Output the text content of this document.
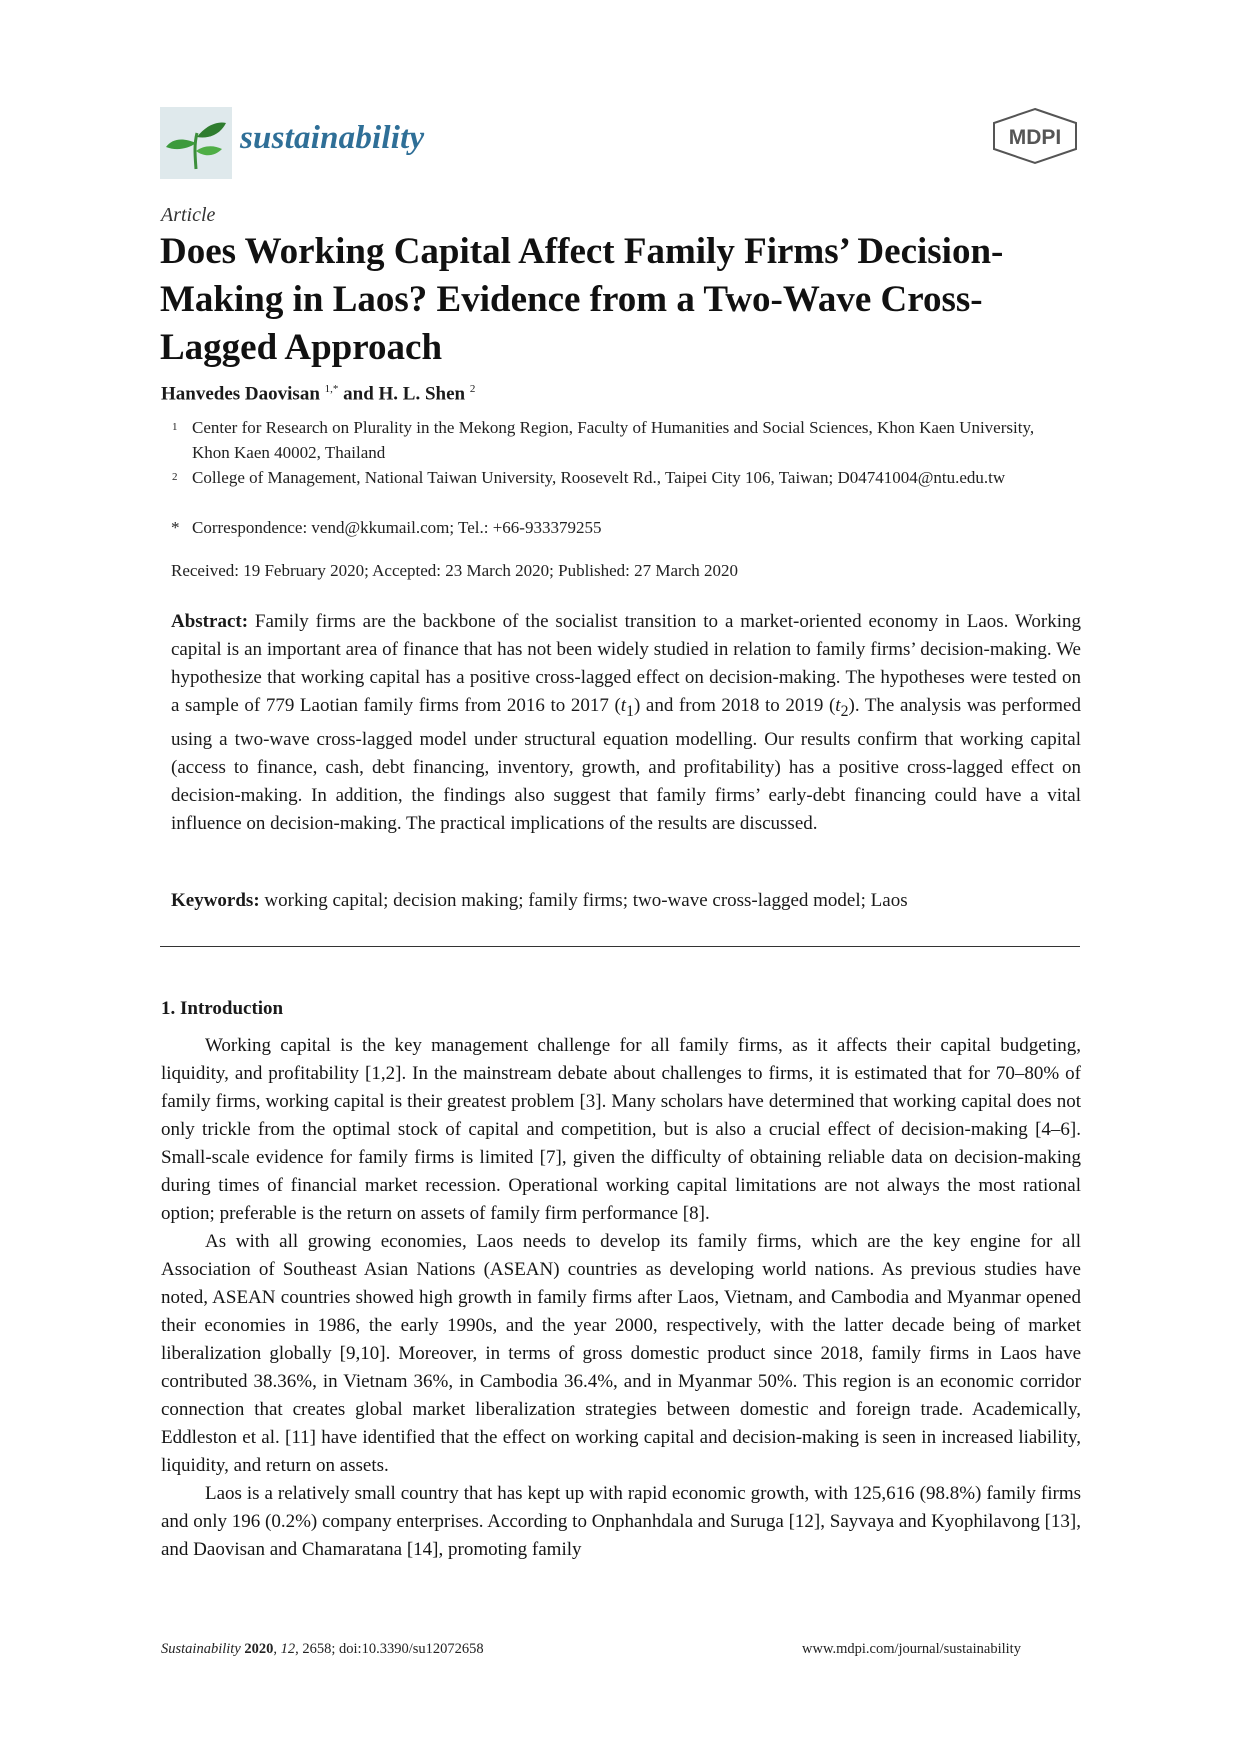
sustainability	MDPI
Article
Does Working Capital Affect Family Firms’ Decision-Making in Laos? Evidence from a Two-Wave Cross-Lagged Approach
Hanvedes Daovisan $^{1,*}$ and H. L. Shen $^2$
1 Center for Research on Plurality in the Mekong Region, Faculty of Humanities and Social Sciences, Khon Kaen University, Khon Kaen 40002, Thailand
2 College of Management, National Taiwan University, Roosevelt Rd., Taipei City 106, Taiwan; D04741004@ntu.edu.tw
* Correspondence: vend@kkumail.com; Tel.: +66-933379255
Received: 19 February 2020; Accepted: 23 March 2020; Published: 27 March 2020
Abstract: Family firms are the backbone of the socialist transition to a market-oriented economy in Laos. Working capital is an important area of finance that has not been widely studied in relation to family firms’ decision-making. We hypothesize that working capital has a positive cross-lagged effect on decision-making. The hypotheses were tested on a sample of 779 Laotian family firms from 2016 to 2017 $(t_1)$ and from 2018 to 2019 $(t_2)$. The analysis was performed using a two-wave cross-lagged model under structural equation modelling. Our results confirm that working capital (access to finance, cash, debt financing, inventory, growth, and profitability) has a positive cross-lagged effect on decision-making. In addition, the findings also suggest that family firms’ early-debt financing could have a vital influence on decision-making. The practical implications of the results are discussed.
Keywords: working capital; decision making; family firms; two-wave cross-lagged model; Laos
1. Introduction

Working capital is the key management challenge for all family firms, as it affects their capital budgeting, liquidity, and profitability [1,2]. In the mainstream debate about challenges to firms, it is estimated that for 70–80% of family firms, working capital is their greatest problem [3]. Many scholars have determined that working capital does not only trickle from the optimal stock of capital and competition, but is also a crucial effect of decision-making [4–6]. Small-scale evidence for family firms is limited [7], given the difficulty of obtaining reliable data on decision-making during times of financial market recession. Operational working capital limitations are not always the most rational option; preferable is the return on assets of family firm performance [8].

As with all growing economies, Laos needs to develop its family firms, which are the key engine for all Association of Southeast Asian Nations (ASEAN) countries as developing world nations. As previous studies have noted, ASEAN countries showed high growth in family firms after Laos, Vietnam, and Cambodia and Myanmar opened their economies in 1986, the early 1990s, and the year 2000, respectively, with the latter decade being of market liberalization globally [9,10]. Moreover, in terms of gross domestic product since 2018, family firms in Laos have contributed 38.36%, in Vietnam 36%, in Cambodia 36.4%, and in Myanmar 50%. This region is an economic corridor connection that creates global market liberalization strategies between domestic and foreign trade. Academically, Eddleston et al. [11] have identified that the effect on working capital and decision-making is seen in increased liability, liquidity, and return on assets.

Laos is a relatively small country that has kept up with rapid economic growth, with 125,616 (98.8%) family firms and only 196 (0.2%) company enterprises. According to Onphanhdala and Suruga [12], Sayvaya and Kyophilavong [13], and Daovisan and Chamaratana [14], promoting family

Sustainability 2020, 12, 2658; doi:10.3390/su12072658	www.mdpi.com/journal/sustainability
